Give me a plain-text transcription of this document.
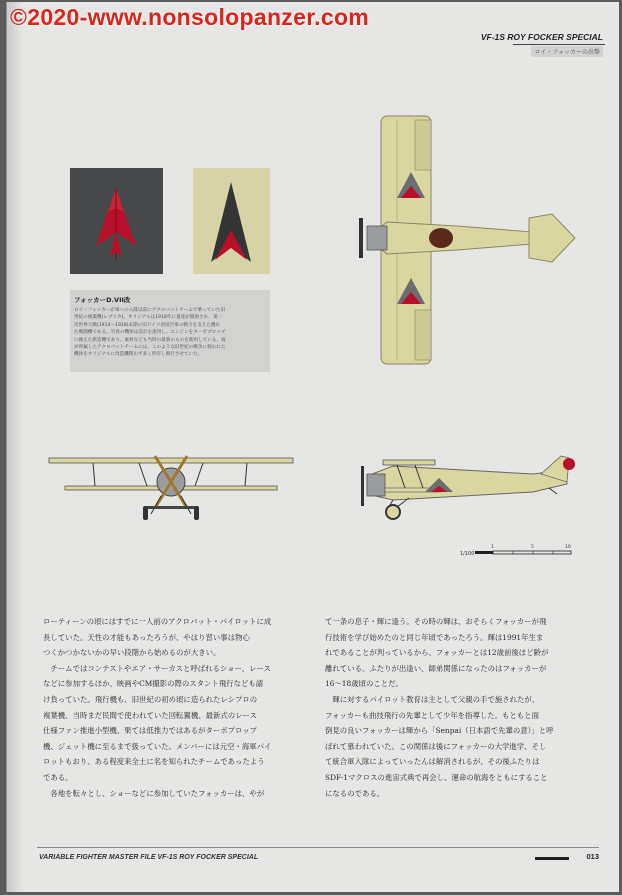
VF-1S ROY FOCKER SPECIAL
ロイ・フォッカーの出撃
フォッカーD.VII改
ロイ・フォッカーが軍への入隊以前にアクロバットチームで乗っていた旧
世紀の複葉機(レプリカ)。オリジナルは1918年に量産が開始され、第一
次世界大戦(1914〜1918)末期の旧ドイツ帝国空軍の戦力を支えた優れ
た戦闘機である。写真の機体は設計を流用し、エンジンをターボプロップ
に換えた新造機であり、素材なども当時の最新のものを使用している。彼
が所属したアクロバットチームには、このような旧世紀の戦争に使われた
機体をオリジナルに改造機問わず多く所有し飛行させていた。
1/100
1	5	10

ローティーンの頃にはすでに一人前のアクロバット・パイロットに成

長していた。天性の才能もあったろうが、やはり習い事は物心

つくかつかないかの早い段階から始めるのが大きい。

チームではコンテストやエア・サーカスと呼ばれるショー、レース

などに参加するほか、映画やCM撮影の際のスタント飛行なども請

け負っていた。飛行機も、旧世紀の初め頃に造られたレシプロの

複葉機、当時まだ民間で使われていた回転翼機、最新式のレース

仕様ファン推進小型機、果ては低推力ではあるがターボプロップ

機、ジェット機に至るまで扱っていた。メンバーには元空・海軍パイ

ロットもおり、ある程度来全土に名を知られたチームであったよう

である。

各地を転々とし、ショーなどに参加していたフォッカーは、やが

て一条の息子・輝に逢う。その時の輝は、おそらくフォッカーが飛

行技術を学び始めたのと同じ年頃であったろう。輝は1991年生ま

れであることが判っているから、フォッカーとは12歳前後ほど齢が

離れている。ふたりが出逢い、師弟関係になったのはフォッカーが

16〜18歳頃のことだ。

輝に対するパイロット教育は主として父親の手で施されたが、

フォッカーも曲技飛行の先輩として少年を指導した。もともと面

倒見の良いフォッカーは輝から「Senpai（日本語で先輩の意）」と呼

ばれて慕われていた。この関係は後にフォッカーの大学進学、そし

て統合軍入隊によっていったんは解消されるが、その後ふたりは

SDF-1マクロスの進宙式典で再会し、運命の航海をともにすること

になるのである。

VARIABLE FIGHTER MASTER FILE VF-1S ROY FOCKER SPECIAL	013
©2020-www.nonsolopanzer.com
